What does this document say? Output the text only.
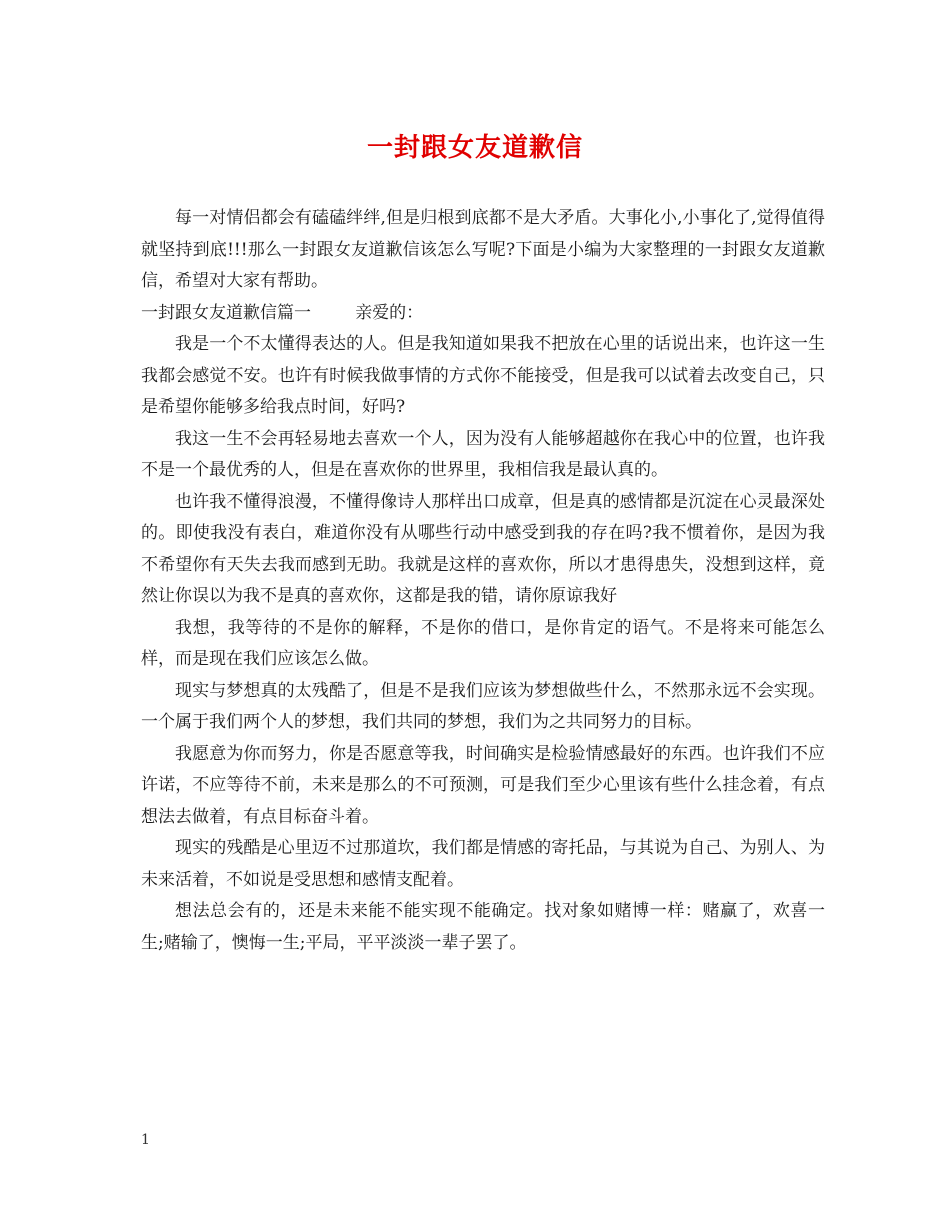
一封跟女友道歉信

每一对情侣都会有磕磕绊绊,但是归根到底都不是大矛盾。大事化小,小事化了,觉得值得就坚持到底!!!那么一封跟女友道歉信该怎么写呢?下面是小编为大家整理的一封跟女友道歉信，希望对大家有帮助。

一封跟女友道歉信篇一	亲爱的：

我是一个不太懂得表达的人。但是我知道如果我不把放在心里的话说出来，也许这一生我都会感觉不安。也许有时候我做事情的方式你不能接受，但是我可以试着去改变自己，只是希望你能够多给我点时间，好吗?

我这一生不会再轻易地去喜欢一个人，因为没有人能够超越你在我心中的位置，也许我不是一个最优秀的人，但是在喜欢你的世界里，我相信我是最认真的。

也许我不懂得浪漫，不懂得像诗人那样出口成章，但是真的感情都是沉淀在心灵最深处的。即使我没有表白，难道你没有从哪些行动中感受到我的存在吗?我不惯着你，是因为我不希望你有天失去我而感到无助。我就是这样的喜欢你，所以才患得患失，没想到这样，竟然让你误以为我不是真的喜欢你，这都是我的错，请你原谅我好

我想，我等待的不是你的解释，不是你的借口，是你肯定的语气。不是将来可能怎么样，而是现在我们应该怎么做。

现实与梦想真的太残酷了，但是不是我们应该为梦想做些什么，不然那永远不会实现。一个属于我们两个人的梦想，我们共同的梦想，我们为之共同努力的目标。

我愿意为你而努力，你是否愿意等我，时间确实是检验情感最好的东西。也许我们不应许诺，不应等待不前，未来是那么的不可预测，可是我们至少心里该有些什么挂念着，有点想法去做着，有点目标奋斗着。

现实的残酷是心里迈不过那道坎，我们都是情感的寄托品，与其说为自己、为别人、为未来活着，不如说是受思想和感情支配着。

想法总会有的，还是未来能不能实现不能确定。找对象如赌博一样：赌赢了，欢喜一生;赌输了，懊悔一生;平局，平平淡淡一辈子罢了。

1
